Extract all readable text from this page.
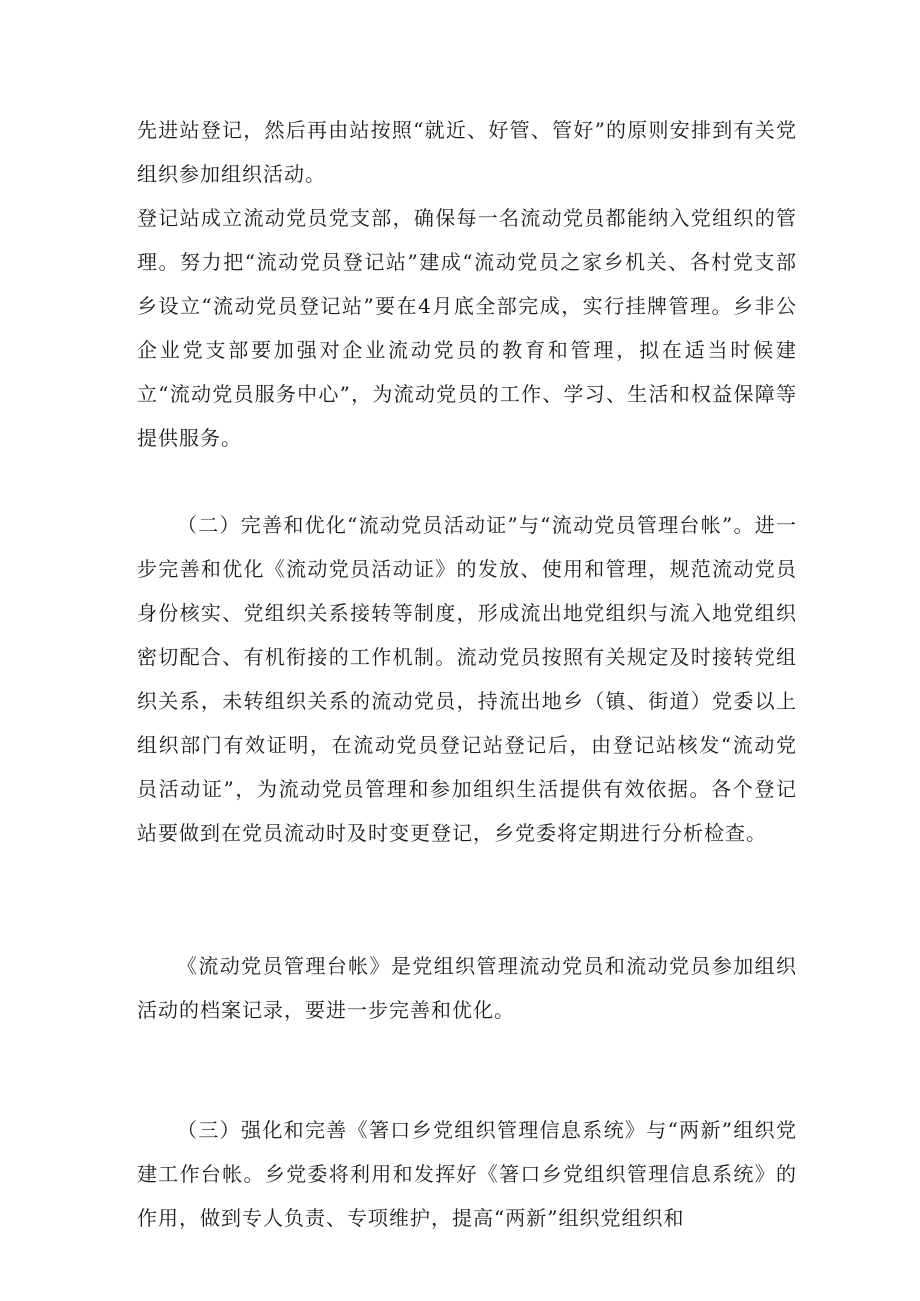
先进站登记，然后再由站按照“就近、好管、管好”的原则安排到有关党组织参加组织活动。

登记站成立流动党员党支部，确保每一名流动党员都能纳入党组织的管理。努力把“流动党员登记站”建成“流动党员之家乡机关、各村党支部乡设立“流动党员登记站”要在4月底全部完成，实行挂牌管理。乡非公企业党支部要加强对企业流动党员的教育和管理，拟在适当时候建立“流动党员服务中心”，为流动党员的工作、学习、生活和权益保障等提供服务。

（二）完善和优化“流动党员活动证”与“流动党员管理台帐”。进一步完善和优化《流动党员活动证》的发放、使用和管理，规范流动党员身份核实、党组织关系接转等制度，形成流出地党组织与流入地党组织密切配合、有机衔接的工作机制。流动党员按照有关规定及时接转党组织关系，未转组织关系的流动党员，持流出地乡（镇、街道）党委以上组织部门有效证明，在流动党员登记站登记后，由登记站核发“流动党员活动证”，为流动党员管理和参加组织生活提供有效依据。各个登记站要做到在党员流动时及时变更登记，乡党委将定期进行分析检查。

《流动党员管理台帐》是党组织管理流动党员和流动党员参加组织活动的档案记录，要进一步完善和优化。

（三）强化和完善《箸口乡党组织管理信息系统》与“两新”组织党建工作台帐。乡党委将利用和发挥好《箸口乡党组织管理信息系统》的作用，做到专人负责、专项维护，提高“两新”组织党组织和
